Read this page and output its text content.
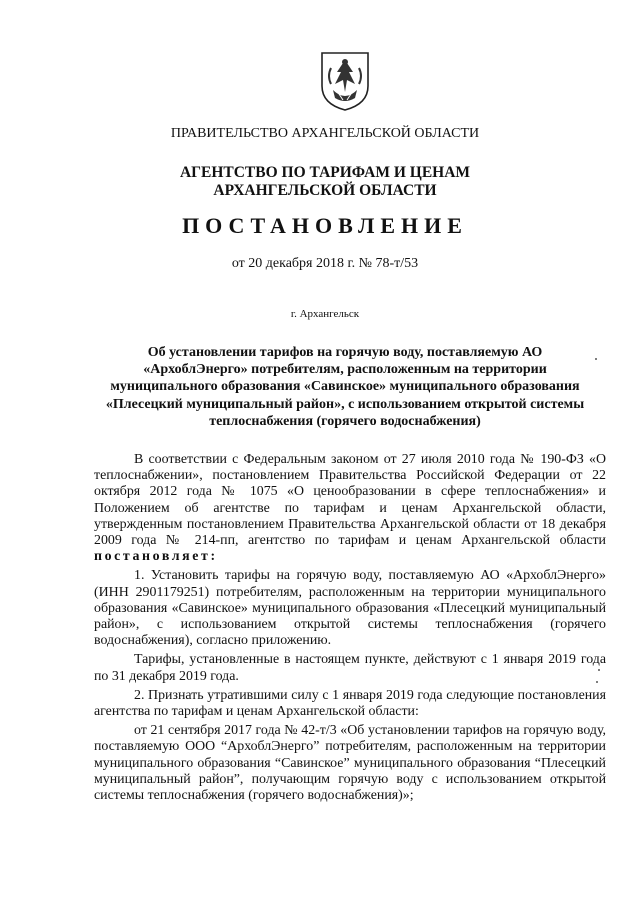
ПРАВИТЕЛЬСТВО АРХАНГЕЛЬСКОЙ ОБЛАСТИ
АГЕНТСТВО ПО ТАРИФАМ И ЦЕНАМ
АРХАНГЕЛЬСКОЙ ОБЛАСТИ
ПОСТАНОВЛЕНИЕ
от 20 декабря 2018 г. № 78-т/53
г. Архангельск
Об установлении тарифов на горячую воду, поставляемую АО «АрхоблЭнерго» потребителям, расположенным на территории муниципального образования «Савинское» муниципального образования «Плесецкий муниципальный район», с использованием открытой системы теплоснабжения (горячего водоснабжения)

В соответствии с Федеральным законом от 27 июля 2010 года № 190-ФЗ «О теплоснабжении», постановлением Правительства Российской Федерации от 22 октября 2012 года № 1075 «О ценообразовании в сфере теплоснабжения» и Положением об агентстве по тарифам и ценам Архангельской области, утвержденным постановлением Правительства Архангельской области от 18 декабря 2009 года № 214-пп, агентство по тарифам и ценам Архангельской области постановляет:

1. Установить тарифы на горячую воду, поставляемую АО «АрхоблЭнерго» (ИНН 2901179251) потребителям, расположенным на территории муниципального образования «Савинское» муниципального образования «Плесецкий муниципальный район», с использованием открытой системы теплоснабжения (горячего водоснабжения), согласно приложению.

Тарифы, установленные в настоящем пункте, действуют с 1 января 2019 года по 31 декабря 2019 года.

2. Признать утратившими силу с 1 января 2019 года следующие постановления агентства по тарифам и ценам Архангельской области:

от 21 сентября 2017 года № 42-т/3 «Об установлении тарифов на горячую воду, поставляемую ООО “АрхоблЭнерго” потребителям, расположенным на территории муниципального образования “Савинское” муниципального образования “Плесецкий муниципальный район”, получающим горячую воду с использованием открытой системы теплоснабжения (горячего водоснабжения)»;
